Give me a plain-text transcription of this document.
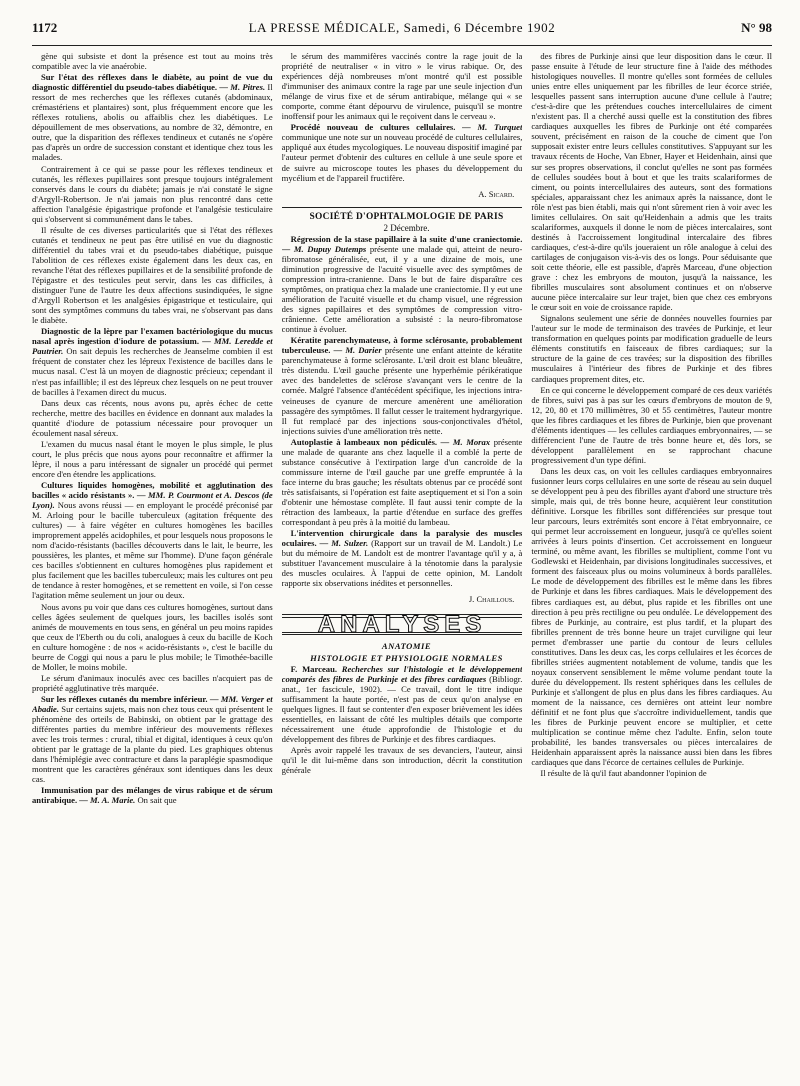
1172	LA PRESSE MÉDICALE, Samedi, 6 Décembre 1902	N° 98

gène qui subsiste et dont la présence est tout au moins très compatible avec la vie anaérobie.

Sur l'état des réflexes dans le diabète, au point de vue du diagnostic différentiel du pseudo-tabes diabétique. — M. Pitres. Il ressort de mes recherches que les réflexes cutanés (abdominaux, crémastériens et plantaires) sont, plus fréquemment encore que les réflexes rotuliens, abolis ou affaiblis chez les diabétiques. Le dépouillement de mes observations, au nombre de 32, démontre, en outre, que la disparition des réflexes tendineux et cutanés ne s'opère pas d'après un ordre de succession constant et identique chez tous les malades.

Contrairement à ce qui se passe pour les réflexes tendineux et cutanés, les réflexes pupillaires sont presque toujours intégralement conservés dans le cours du diabète; jamais je n'ai constaté le signe d'Argyll-Robertson. Je n'ai jamais non plus rencontré dans cette affection l'analgésie épigastrique profonde et l'analgésie testiculaire qui s'observent si communément dans le tabes.

Il résulte de ces diverses particularités que si l'état des réflexes cutanés et tendineux ne peut pas être utilisé en vue du diagnostic différentiel du tabes vrai et du pseudo-tabes diabétique, puisque l'abolition de ces réflexes existe également dans les deux cas, en revanche l'état des réflexes pupillaires et de la sensibilité profonde de l'épigastre et des testicules peut servir, dans les cas difficiles, à distinguer l'une de l'autre les deux affections susindiquées, le signe d'Argyll Robertson et les analgésies épigastrique et testiculaire, qui sont des symptômes communs du tabes vrai, ne s'observant pas dans le diabète.

Diagnostic de la lèpre par l'examen bactériologique du mucus nasal après ingestion d'iodure de potassium. — MM. Leredde et Pautrier. On sait depuis les recherches de Jeanselme combien il est fréquent de constater chez les lépreux l'existence de bacilles dans le mucus nasal. C'est là un moyen de diagnostic précieux; cependant il n'est pas infaillible; il est des lépreux chez lesquels on ne peut trouver de bacilles à l'examen direct du mucus.

Dans deux cas récents, nous avons pu, après échec de cette recherche, mettre des bacilles en évidence en donnant aux malades la quantité d'iodure de potassium nécessaire pour provoquer un écoulement nasal séreux.

L'examen du mucus nasal étant le moyen le plus simple, le plus court, le plus précis que nous ayons pour reconnaître et affirmer la lèpre, il nous a paru intéressant de signaler un procédé qui permet encore d'en étendre les applications.

Cultures liquides homogènes, mobilité et agglutination des bacilles « acido résistants ». — MM. P. Courmont et A. Descos (de Lyon). Nous avons réussi — en employant le procédé préconisé par M. Arloing pour le bacille tuberculeux (agitation fréquente des cultures) — à faire végéter en cultures homogènes les bacilles improprement appelés acidophiles, et pour lesquels nous proposons le nom d'acido-résistants (bacilles découverts dans le lait, le beurre, les poussières, les plantes, et même sur l'homme). D'une façon générale ces bacilles s'obtiennent en cultures homogènes plus rapidement et plus facilement que les bacilles tuberculeux; mais les cultures ont peu de tendance à rester homogènes, et se remettent en voile, si l'on cesse l'agitation même seulement un jour ou deux.

Nous avons pu voir que dans ces cultures homogènes, surtout dans celles âgées seulement de quelques jours, les bacilles isolés sont animés de mouvements en tous sens, en général un peu moins rapides que ceux de l'Eberth ou du coli, analogues à ceux du bacille de Koch en culture homogène : de nos « acido-résistants », c'est le bacille du beurre de Coggi qui nous a paru le plus mobile; le Timothée-bacille de Moller, le moins mobile.

Le sérum d'animaux inoculés avec ces bacilles n'acquiert pas de propriété agglutinative très marquée.

Sur les réflexes cutanés du membre inférieur. — MM. Verger et Abadie. Sur certains sujets, mais non chez tous ceux qui présentent le phénomène des orteils de Babinski, on obtient par le grattage des différentes parties du membre inférieur des mouvements réflexes avec les trois termes : crural, tibial et digital, identiques à ceux qu'on obtient par le grattage de la plante du pied. Les graphiques obtenus dans l'hémiplégie avec contracture et dans la paraplégie spasmodique montrent que les caractères généraux sont identiques dans les deux cas.

Immunisation par des mélanges de virus rabique et de sérum antirabique. — M. A. Marie. On sait que

le sérum des mammifères vaccinés contre la rage jouit de la propriété de neutraliser « in vitro » le virus rabique. Or, des expériences déjà nombreuses m'ont montré qu'il est possible d'immuniser des animaux contre la rage par une seule injection d'un mélange de virus fixe et de sérum antirabique, mélange qui « se comporte, comme étant dépourvu de virulence, puisqu'il se montre inoffensif pour les animaux qui le reçoivent dans le cerveau ».

Procédé nouveau de cultures cellulaires. — M. Turquet communique une note sur un nouveau procédé de cultures cellulaires, appliqué aux études mycologiques. Le nouveau dispositif imaginé par l'auteur permet d'obtenir des cultures en cellule à une seule spore et de suivre au microscope toutes les phases du développement du mycélium et de l'appareil fructifère.

A. Sicard.

SOCIÉTÉ D'OPHTALMOLOGIE DE PARIS

2 Décembre.

Régression de la stase papillaire à la suite d'une craniectomie. — M. Dupuy Dutemps présente une malade qui, atteint de neuro-fibromatose généralisée, eut, il y a une dizaine de mois, une diminution progressive de l'acuité visuelle avec des symptômes de compression intra-cranienne. Dans le but de faire disparaître ces symptômes, on pratiqua chez la malade une craniectomie. Il y eut une amélioration de l'acuité visuelle et du champ visuel, une régression des signes papillaires et des symptômes de compression vitro-crânienne. Cette amélioration a subsisté : la neuro-fibromatose continue à évoluer.

Kératite parenchymateuse, à forme sclérosante, probablement tuberculeuse. — M. Darier présente une enfant atteinte de kératite parenchymateuse à forme sclérosante. L'œil droit est blanc bleuâtre, très distendu. L'œil gauche présente une hyperhémie périkératique avec des bandelettes de sclérose s'avançant vers le centre de la cornée. Malgré l'absence d'antécédent spécifique, les injections intra-veineuses de cyanure de mercure amenèrent une amélioration passagère des symptômes. Il fallut cesser le traitement hydrargyrique. Il fut remplacé par des injections sous-conjonctivales d'hétol, injections suivies d'une amélioration très nette.

Autoplastie à lambeaux non pédiculés. — M. Morax présente une malade de quarante ans chez laquelle il a comblé la perte de substance consécutive à l'extirpation large d'un cancroïde de la commissure interne de l'œil gauche par une greffe empruntée à la face interne du bras gauche; les résultats obtenus par ce procédé sont très satisfaisants, si l'opération est faite aseptiquement et si l'on a soin d'obtenir une hémostase complète. Il faut aussi tenir compte de la rétraction des lambeaux, la partie d'étendue en surface des greffes correspondant à peu près à la moitié du lambeau.

L'intervention chirurgicale dans la paralysie des muscles oculaires. — M. Sulzer. (Rapport sur un travail de M. Landolt.) Le but du mémoire de M. Landolt est de montrer l'avantage qu'il y a, à substituer l'avancement musculaire à la ténotomie dans la paralysie des muscles oculaires. À l'appui de cette opinion, M. Landolt rapporte six observations inédites et personnelles.

J. Chaillous.

ANALYSES

ANATOMIE

HISTOLOGIE ET PHYSIOLOGIE NORMALES

F. Marceau. Recherches sur l'histologie et le développement comparés des fibres de Purkinje et des fibres cardiaques (Bibliogr. anat., 1er fascicule, 1902). — Ce travail, dont le titre indique suffisamment la haute portée, n'est pas de ceux qu'on analyse en quelques lignes. Il faut se contenter d'en exposer brièvement les idées essentielles, en laissant de côté les multiples détails que comporte nécessairement une étude approfondie de l'histologie et du développement des fibres de Purkinje et des fibres cardiaques.

Après avoir rappelé les travaux de ses devanciers, l'auteur, ainsi qu'il le dit lui-même dans son introduction, décrit la constitution générale

des fibres de Purkinje ainsi que leur disposition dans le cœur. Il passe ensuite à l'étude de leur structure fine à l'aide des méthodes histologiques nouvelles. Il montre qu'elles sont formées de cellules unies entre elles uniquement par les fibrilles de leur écorce striée, lesquelles passent sans interruption aucune d'une cellule à l'autre; c'est-à-dire que les prétendues couches intercellulaires de ciment n'existent pas. Il a cherché aussi quelle est la constitution des fibres cardiaques auxquelles les fibres de Purkinje ont été comparées souvent, précisément en raison de la couche de ciment que l'on supposait exister entre leurs cellules constitutives. S'appuyant sur les travaux récents de Hoche, Van Ebner, Hayer et Heidenhain, ainsi que sur ses propres observations, il conclut qu'elles ne sont pas formées de cellules soudées bout à bout et que les traits scalariformes de ciment, ou points intercellulaires des auteurs, sont des formations spéciales, apparaissant chez les animaux après la naissance, dont le rôle n'est pas bien établi, mais qui n'ont sûrement rien à voir avec les limites cellulaires. On sait qu'Heidenhain a admis que les traits scalariformes, auxquels il donne le nom de pièces intercalaires, sont destinés à l'accroissement longitudinal intercalaire des fibres cardiaques, c'est-à-dire qu'ils joueraient un rôle analogue à celui des cartilages de conjugaison vis-à-vis des os longs. Pour séduisante que soit cette théorie, elle est passible, d'après Marceau, d'une objection grave : chez les embryons de mouton, jusqu'à la naissance, les fibrilles musculaires sont absolument continues et on n'observe aucune pièce intercalaire sur leur trajet, bien que chez ces embryons le cœur soit en voie de croissance rapide.

Signalons seulement une série de données nouvelles fournies par l'auteur sur le mode de terminaison des travées de Purkinje, et leur transformation en quelques points par modification graduelle de leurs éléments constitutifs en faisceaux de fibres cardiaques; sur la structure de la gaine de ces travées; sur la disposition des fibrilles musculaires à l'intérieur des fibres de Purkinje et des fibres cardiaques proprement dites, etc.

En ce qui concerne le développement comparé de ces deux variétés de fibres, suivi pas à pas sur les cœurs d'embryons de mouton de 9, 12, 20, 80 et 170 millimètres, 30 et 55 centimètres, l'auteur montre que les fibres cardiaques et les fibres de Purkinje, bien que provenant d'éléments identiques — les cellules cardiaques embryonnaires, — se différencient l'une de l'autre de très bonne heure et, dès lors, se développent parallèlement en se rapprochant chacune progressivement d'un type défini.

Dans les deux cas, on voit les cellules cardiaques embryonnaires fusionner leurs corps cellulaires en une sorte de réseau au sein duquel se développent peu à peu des fibrilles ayant d'abord une structure très simple, mais qui, de très bonne heure, acquièrent leur constitution définitive. Lorsque les fibrilles sont différenciées sur presque tout leur parcours, leurs extrémités sont encore à l'état embryonnaire, ce qui permet leur accroissement en longueur, jusqu'à ce qu'elles soient arrivées à leurs points d'insertion. Cet accroissement en longueur terminé, ou même avant, les fibrilles se multiplient, comme l'ont vu Godlewski et Heidenhain, par divisions longitudinales successives, et forment des faisceaux plus ou moins volumineux à bords parallèles. Le mode de développement des fibrilles est le même dans les fibres de Purkinje et dans les fibres cardiaques. Mais le développement des fibres cardiaques est, au début, plus rapide et les fibrilles ont une direction à peu près rectiligne ou peu ondulée. Le développement des fibres de Purkinje, au contraire, est plus tardif, et la plupart des fibrilles prennent de très bonne heure un trajet curviligne qui leur permet d'embrasser une partie du contour de leurs cellules constitutives. Dans les deux cas, les corps cellulaires et les écorces de fibrilles striées augmentent notablement de volume, tandis que les noyaux conservent sensiblement le même volume pendant toute la durée du développement. Ils restent sphériques dans les cellules de Purkinje et s'allongent de plus en plus dans les fibres cardiaques. Au moment de la naissance, ces dernières ont atteint leur nombre définitif et ne font plus que s'accroître individuellement, tandis que les fibres de Purkinje peuvent encore se multiplier, et cette multiplication se continue même chez l'adulte. Enfin, selon toute probabilité, les bandes transversales ou pièces intercalaires de Heidenhain apparaissent après la naissance aussi bien dans les fibres cardiaques que dans l'écorce de certaines cellules de Purkinje.

Il résulte de là qu'il faut abandonner l'opinion de
